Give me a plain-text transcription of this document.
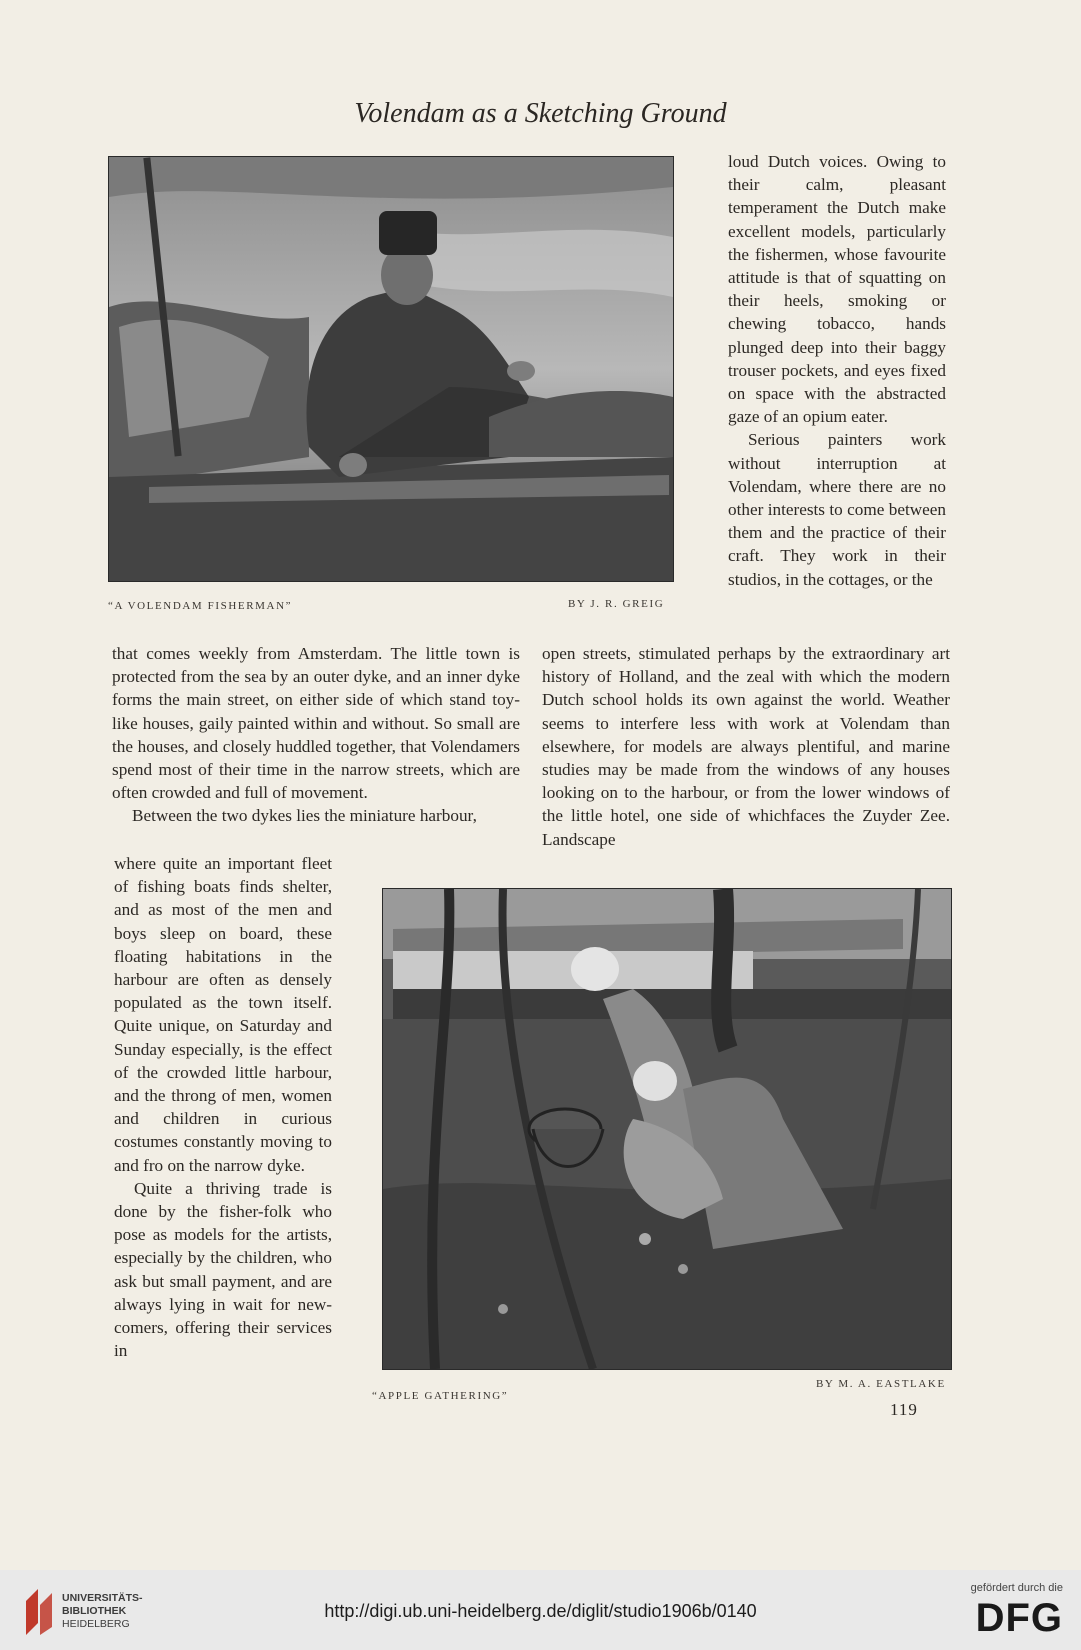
Volendam as a Sketching Ground
“A VOLENDAM FISHERMAN”	BY J. R. GREIG

loud Dutch voices. Owing to their calm, pleasant temperament the Dutch make excellent models, particularly the fishermen, whose favourite attitude is that of squatting on their heels, smoking or chewing tobacco, hands plunged deep into their baggy trouser pockets, and eyes fixed on space with the abstracted gaze of an opium eater.

Serious painters work without interruption at Volendam, where there are no other interests to come between them and the practice of their craft. They work in their studios, in the cottages, or the

that comes weekly from Amsterdam. The little town is protected from the sea by an outer dyke, and an inner dyke forms the main street, on either side of which stand toy-like houses, gaily painted within and without. So small are the houses, and closely huddled together, that Volendamers spend most of their time in the narrow streets, which are often crowded and full of movement.

Between the two dykes lies the miniature harbour,

open streets, stimulated perhaps by the extraordinary art history of Holland, and the zeal with which the modern Dutch school holds its own against the world. Weather seems to interfere less with work at Volendam than elsewhere, for models are always plentiful, and marine studies may be made from the windows of any houses looking on to the harbour, or from the lower windows of the little hotel, one side of whichfaces the Zuyder Zee. Landscape

where quite an important fleet of fishing boats finds shelter, and as most of the men and boys sleep on board, these floating habitations in the harbour are often as densely populated as the town itself. Quite unique, on Saturday and Sunday especially, is the effect of the crowded little harbour, and the throng of men, women and children in curious costumes constantly moving to and fro on the narrow dyke.

Quite a thriving trade is done by the fisher-folk who pose as models for the artists, especially by the children, who ask but small payment, and are always lying in wait for new-comers, offering their services in

“APPLE GATHERING”
BY M. A. EASTLAKE
119
UNIVERSITÄTS-
BIBLIOTHEK
HEIDELBERG
http://digi.ub.uni-heidelberg.de/diglit/studio1906b/0140
gefördert durch die
DFG
